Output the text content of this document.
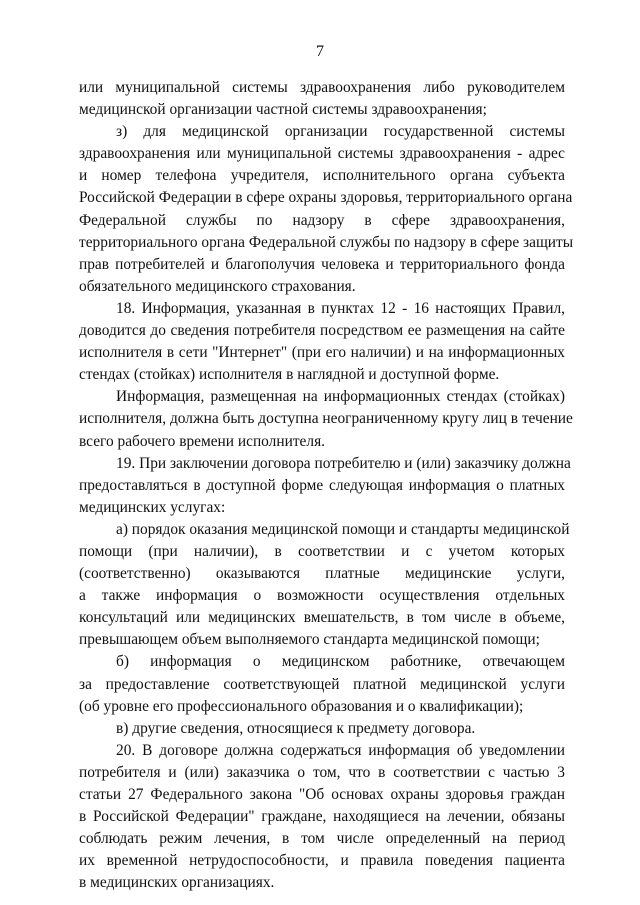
7
или муниципальной системы здравоохранения либо руководителем
медицинской организации частной системы здравоохранения;
з) для медицинской организации государственной системы
здравоохранения или муниципальной системы здравоохранения - адрес
и номер телефона учредителя, исполнительного органа субъекта
Российской Федерации в сфере охраны здоровья, территориального органа
Федеральной службы по надзору в сфере здравоохранения,
территориального органа Федеральной службы по надзору в сфере защиты
прав потребителей и благополучия человека и территориального фонда
обязательного медицинского страхования.
18. Информация, указанная в пунктах 12 - 16 настоящих Правил,
доводится до сведения потребителя посредством ее размещения на сайте
исполнителя в сети "Интернет" (при его наличии) и на информационных
стендах (стойках) исполнителя в наглядной и доступной форме.
Информация, размещенная на информационных стендах (стойках)
исполнителя, должна быть доступна неограниченному кругу лиц в течение
всего рабочего времени исполнителя.
19. При заключении договора потребителю и (или) заказчику должна
предоставляться в доступной форме следующая информация о платных
медицинских услугах:
а) порядок оказания медицинской помощи и стандарты медицинской
помощи (при наличии), в соответствии и с учетом которых
(соответственно) оказываются платные медицинские услуги,
а также информация о возможности осуществления отдельных
консультаций или медицинских вмешательств, в том числе в объеме,
превышающем объем выполняемого стандарта медицинской помощи;
б) информация о медицинском работнике, отвечающем
за предоставление соответствующей платной медицинской услуги
(об уровне его профессионального образования и о квалификации);
в) другие сведения, относящиеся к предмету договора.
20. В договоре должна содержаться информация об уведомлении
потребителя и (или) заказчика о том, что в соответствии с частью 3
статьи 27 Федерального закона "Об основах охраны здоровья граждан
в Российской Федерации" граждане, находящиеся на лечении, обязаны
соблюдать режим лечения, в том числе определенный на период
их временной нетрудоспособности, и правила поведения пациента
в медицинских организациях.
